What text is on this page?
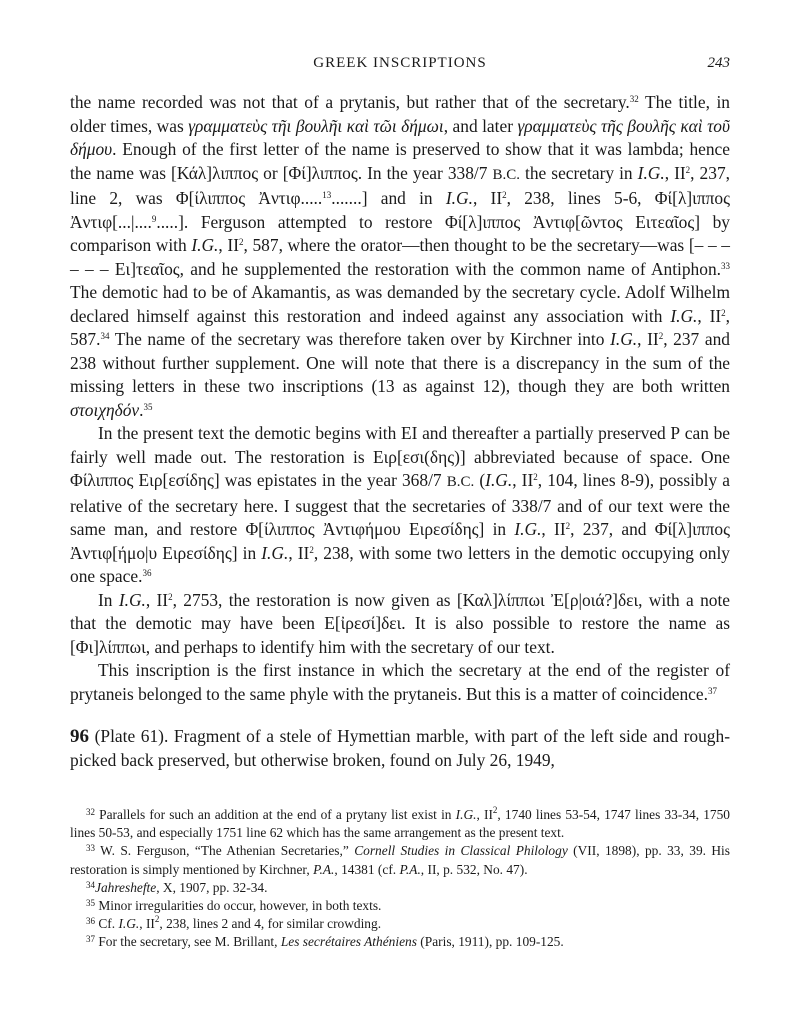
GREEK INSCRIPTIONS	243

the name recorded was not that of a prytanis, but rather that of the secretary.$^{32}$ The title, in older times, was γραμματεὺς τῆι βουλῆι καὶ τῶι δήμωι, and later γραμματεὺς τῆς βουλῆς καὶ τοῦ δήμου. Enough of the first letter of the name is preserved to show that it was lambda; hence the name was [Κάλ]λιππος or [Φί]λιππος. In the year 338/7 B.C. the secretary in I.G., $II^2$, 237, line 2, was Φ[ίλιππος Ἀντιφ.....$^{13}$.......] and in I.G., $II^2$, 238, lines 5-6, Φί[λ]ιππος Ἀντιφ[...|....$^9$.....]. Ferguson attempted to restore Φί[λ]ιππος Ἀντιφ[ῶντος Ειτεαῖος] by comparison with I.G., $II^2$, 587, where the orator—then thought to be the secretary—was [– – – – – – Ει]τεαῖος, and he supplemented the restoration with the common name of Antiphon.$^{33}$ The demotic had to be of Akamantis, as was demanded by the secretary cycle. Adolf Wilhelm declared himself against this restoration and indeed against any association with I.G., $II^2$, 587.34 The name of the secretary was therefore taken over by Kirchner into I.G., $II^2$, 237 and 238 without further supplement. One will note that there is a discrepancy in the sum of the missing letters in these two inscriptions (13 as against 12), though they are both written στοιχηδόν.$^{35}$

In the present text the demotic begins with ΕΙ and thereafter a partially preserved Ρ can be fairly well made out. The restoration is Ειρ[εσι(δης)] abbreviated because of space. One Φίλιππος Ειρ[εσίδης] was epistates in the year 368/7 B.C. (I.G., $II^2$, 104, lines 8-9), possibly a relative of the secretary here. I suggest that the secretaries of 338/7 and of our text were the same man, and restore Φ[ίλιππος Ἀντιφήμου Ειρεσίδης] in I.G., $II^2$, 237, and Φί[λ]ιππος Ἀντιφ[ήμο|υ Ειρεσίδης] in I.G., $II^2$, 238, with some two letters in the demotic occupying only one space.$^{36}$

In I.G., $II^2$, 2753, the restoration is now given as [Καλ]λίππωι Ἐ[ρ|οιά?]δει, with a note that the demotic may have been Ε[ἰρεσί]δει. It is also possible to restore the name as [Φι]λίππωι, and perhaps to identify him with the secretary of our text.

This inscription is the first instance in which the secretary at the end of the register of prytaneis belonged to the same phyle with the prytaneis. But this is a matter of coincidence.$^{37}$

96 (Plate 61). Fragment of a stele of Hymettian marble, with part of the left side and rough-picked back preserved, but otherwise broken, found on July 26, 1949,

$^{32}$ Parallels for such an addition at the end of a prytany list exist in I.G., $II^2$, 1740 lines 53-54, 1747 lines 33-34, 1750 lines 50-53, and especially 1751 line 62 which has the same arrangement as the present text.

$^{33}$ W. S. Ferguson, “The Athenian Secretaries,” Cornell Studies in Classical Philology (VII, 1898), pp. 33, 39. His restoration is simply mentioned by Kirchner, P.A., 14381 (cf. P.A., II, p. 532, No. 47).

$^{34}$Jahreshefte, X, 1907, pp. 32-34.

$^{35}$ Minor irregularities do occur, however, in both texts.

$^{36}$ Cf. I.G., $II^2$, 238, lines 2 and 4, for similar crowding.

$^{37}$ For the secretary, see M. Brillant, Les secrétaires Athéniens (Paris, 1911), pp. 109-125.
